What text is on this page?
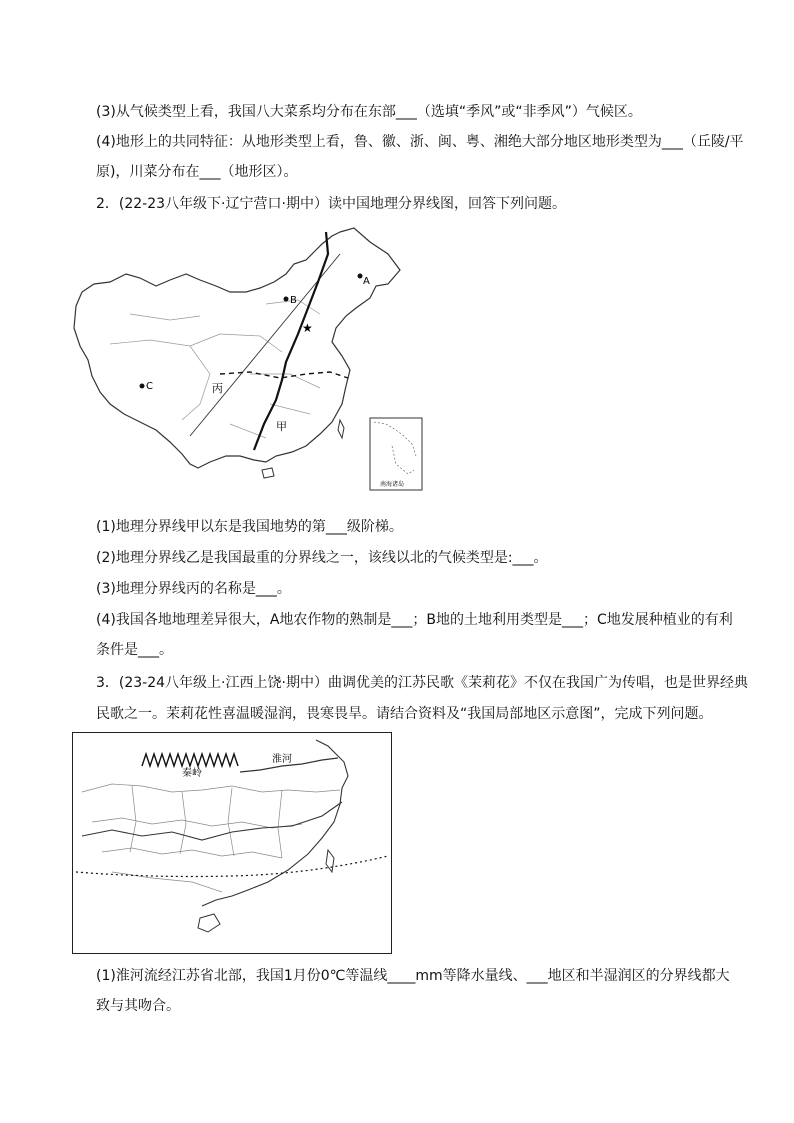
(3)从气候类型上看，我国八大菜系均分布在东部___（选填“季风”或“非季风”）气候区。
(4)地形上的共同特征：从地形类型上看，鲁、徽、浙、闽、粤、湘绝大部分地区地形类型为___（丘陵/平
原)，川菜分布在___（地形区）。
2．(22-23八年级下·辽宁营口·期中）读中国地理分界线图，回答下列问题。
A
B
C
★
丙
甲
南海诸岛
(1)地理分界线甲以东是我国地势的第___级阶梯。
(2)地理分界线乙是我国最重的分界线之一，该线以北的气候类型是:___。
(3)地理分界线丙的名称是___。
(4)我国各地地理差异很大，A地农作物的熟制是___；B地的土地利用类型是___；C地发展种植业的有利
条件是___。
3．(23-24八年级上·江西上饶·期中）曲调优美的江苏民歌《茉莉花》不仅在我国广为传唱，也是世界经典
民歌之一。茉莉花性喜温暖湿润，畏寒畏旱。请结合资料及“我国局部地区示意图”，完成下列问题。
秦岭
淮河
(1)淮河流经江苏省北部，我国1月份0℃等温线____mm等降水量线、___地区和半湿润区的分界线都大
致与其吻合。
